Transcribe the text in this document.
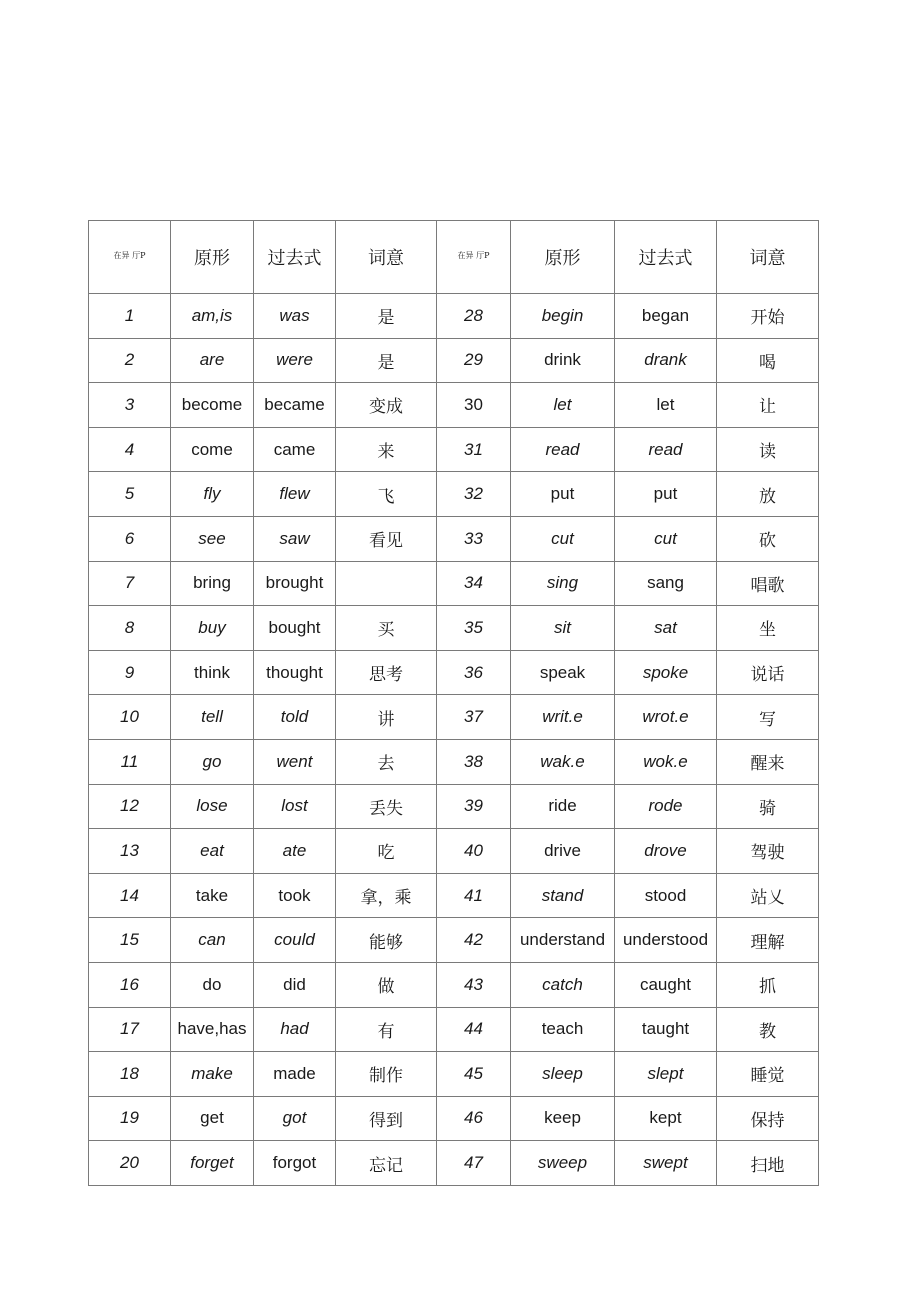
在异 厅P	原形	过去式	词意	在异 厅P	原形	过去式	词意
1	am,is	was	是	28	begin	began	开始
2	are	were	是	29	drink	drank	喝
3	become	became	变成	30	let	let	让
4	come	came	来	31	read	read	读
5	fly	flew	飞	32	put	put	放
6	see	saw	看见	33	cut	cut	砍
7	bring	brought		34	sing	sang	唱歌
8	buy	bought	买	35	sit	sat	坐
9	think	thought	思考	36	speak	spoke	说话
10	tell	told	讲	37	writ.e	wrot.e	写
11	go	went	去	38	wak.e	wok.e	醒来
12	lose	lost	丢失	39	ride	rode	骑
13	eat	ate	吃	40	drive	drove	驾驶
14	take	took	拿，乘	41	stand	stood	站乂
15	can	could	能够	42	understand	understood	理解
16	do	did	做	43	catch	caught	抓
17	have,has	had	有	44	teach	taught	教
18	make	made	制作	45	sleep	slept	睡觉
19	get	got	得到	46	keep	kept	保持
20	forget	forgot	忘记	47	sweep	swept	扫地
